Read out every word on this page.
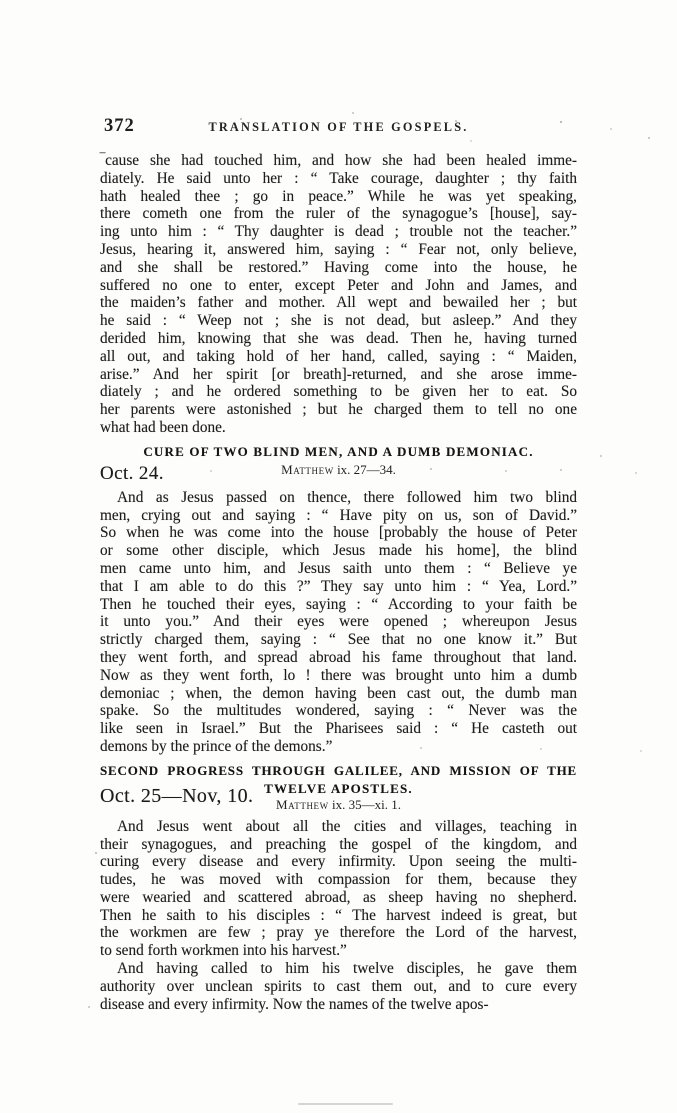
372	TRANSLATION OF THE GOSPELS.
‾cause she had touched him, and how she had been healed imme-
diately. He said unto her : “ Take courage, daughter ; thy faith
hath healed thee ; go in peace.” While he was yet speaking,
there cometh one from the ruler of the synagogue’s [house], say-
ing unto him : “ Thy daughter is dead ; trouble not the teacher.”
Jesus, hearing it, answered him, saying : “ Fear not, only believe,
and she shall be restored.” Having come into the house, he
suffered no one to enter, except Peter and John and James, and
the maiden’s father and mother. All wept and bewailed her ; but
he said : “ Weep not ; she is not dead, but asleep.” And they
derided him, knowing that she was dead. Then he, having turned
all out, and taking hold of her hand, called, saying : “ Maiden,
arise.” And her spirit [or breath]-returned, and she arose imme-
diately ; and he ordered something to be given her to eat. So
her parents were astonished ; but he charged them to tell no one
what had been done.
CURE OF TWO BLIND MEN, AND A DUMB DEMONIAC.
Oct. 24.	Matthew ix. 27—34.
And as Jesus passed on thence, there followed him two blind
men, crying out and saying : “ Have pity on us, son of David.”
So when he was come into the house [probably the house of Peter
or some other disciple, which Jesus made his home], the blind
men came unto him, and Jesus saith unto them : “ Believe ye
that I am able to do this ?” They say unto him : “ Yea, Lord.”
Then he touched their eyes, saying : “ According to your faith be
it unto you.” And their eyes were opened ; whereupon Jesus
strictly charged them, saying : “ See that no one know it.” But
they went forth, and spread abroad his fame throughout that land.
Now as they went forth, lo ! there was brought unto him a dumb
demoniac ; when, the demon having been cast out, the dumb man
spake. So the multitudes wondered, saying : “ Never was the
like seen in Israel.” But the Pharisees said : “ He casteth out
demons by the prince of the demons.”
SECOND PROGRESS THROUGH GALILEE, AND MISSION OF THE
Oct. 25—Nov, 10. TWELVE APOSTLES.
Matthew ix. 35—xi. 1.
And Jesus went about all the cities and villages, teaching in
their synagogues, and preaching the gospel of the kingdom, and
curing every disease and every infirmity. Upon seeing the multi-
tudes, he was moved with compassion for them, because they
were wearied and scattered abroad, as sheep having no shepherd.
Then he saith to his disciples : “ The harvest indeed is great, but
the workmen are few ; pray ye therefore the Lord of the harvest,
to send forth workmen into his harvest.”
And having called to him his twelve disciples, he gave them
authority over unclean spirits to cast them out, and to cure every
disease and every infirmity. Now the names of the twelve apos-
